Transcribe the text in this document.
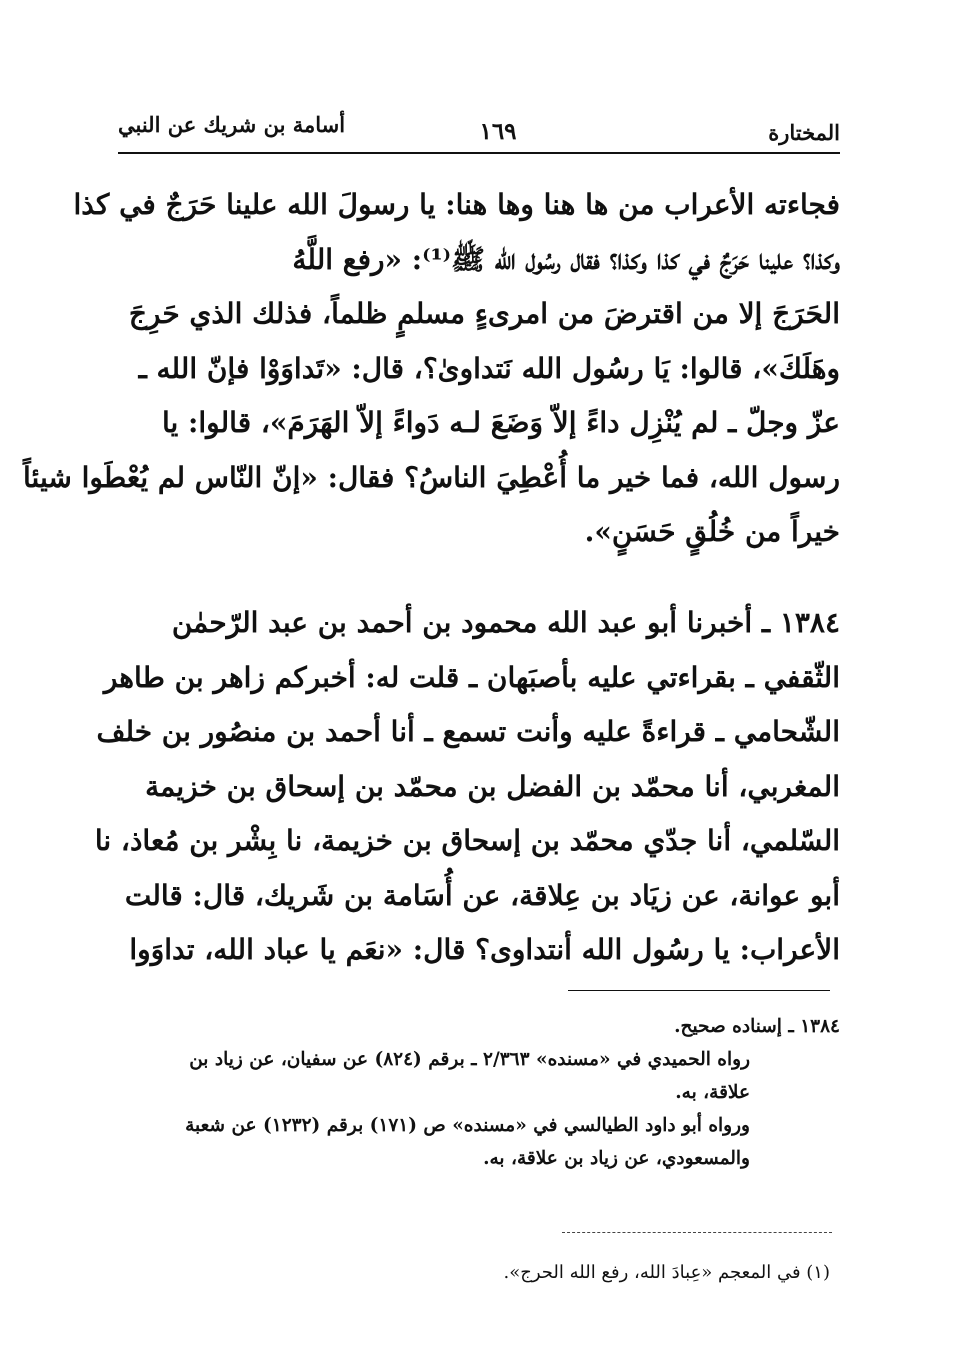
المختارة
١٦٩
أسامة بن شريك عن النبي
فجاءته الأعراب من ها هنا وها هنا: يا رسولَ الله علينا حَرَجٌ في كذا
وكذا؟ علينا حَرَجٌ في كذا وكذا؟ فقال رسُول الله ﷺ⁽¹⁾: «رفع اللَّهُ
الحَرَجَ إلا من اقترضَ من امرىءٍ مسلمٍ ظلماً، فذلك الذي حَرِجَ
وهَلَكَ»، قالوا: يَا رسُول الله نَتداوىٰ؟، قال: «تَداوَوْا فإنّ الله ـ
عزّ وجلّ ـ لم يُنْزِل داءً إلاّ وَضَعَ لـه دَواءً إلاّ الهَرَمَ»، قالوا: يا
رسول الله، فما خير ما أُعْطِيَ الناسُ؟ فقال: «إنّ النّاس لم يُعْطَوا شيئاً
خيراً من خُلُقٍ حَسَنٍ».
١٣٨٤ ـ أخبرنا أبو عبد الله محمود بن أحمد بن عبد الرّحمٰن
الثّقفي ـ بقراءتي عليه بأصبَهان ـ قلت له: أخبركم زاهر بن طاهر
الشّحامي ـ قراءةً عليه وأنت تسمع ـ أنا أحمد بن منصُور بن خلف
المغربي، أنا محمّد بن الفضل بن محمّد بن إسحاق بن خزيمة
السّلمي، أنا جدّي محمّد بن إسحاق بن خزيمة، نا بِشْر بن مُعاذ، نا
أبو عوانة، عن زيَاد بن عِلاقة، عن أُسَامة بن شَريك، قال: قالت
الأعراب: يا رسُول الله أنتداوى؟ قال: «نعَم يا عباد الله، تداوَوا
١٣٨٤ ـ إسناده صحيح.
رواه الحميدي في «مسنده» ٢/٣٦٣ ـ برقم (٨٢٤) عن سفيان، عن زياد بن
علاقة، به.
ورواه أبو داود الطيالسي في «مسنده» ص (١٧١) برقم (١٢٣٢) عن شعبة
والمسعودي، عن زياد بن علاقة، به.
(١) في المعجم «عِبادَ الله، رفع الله الحرج».
